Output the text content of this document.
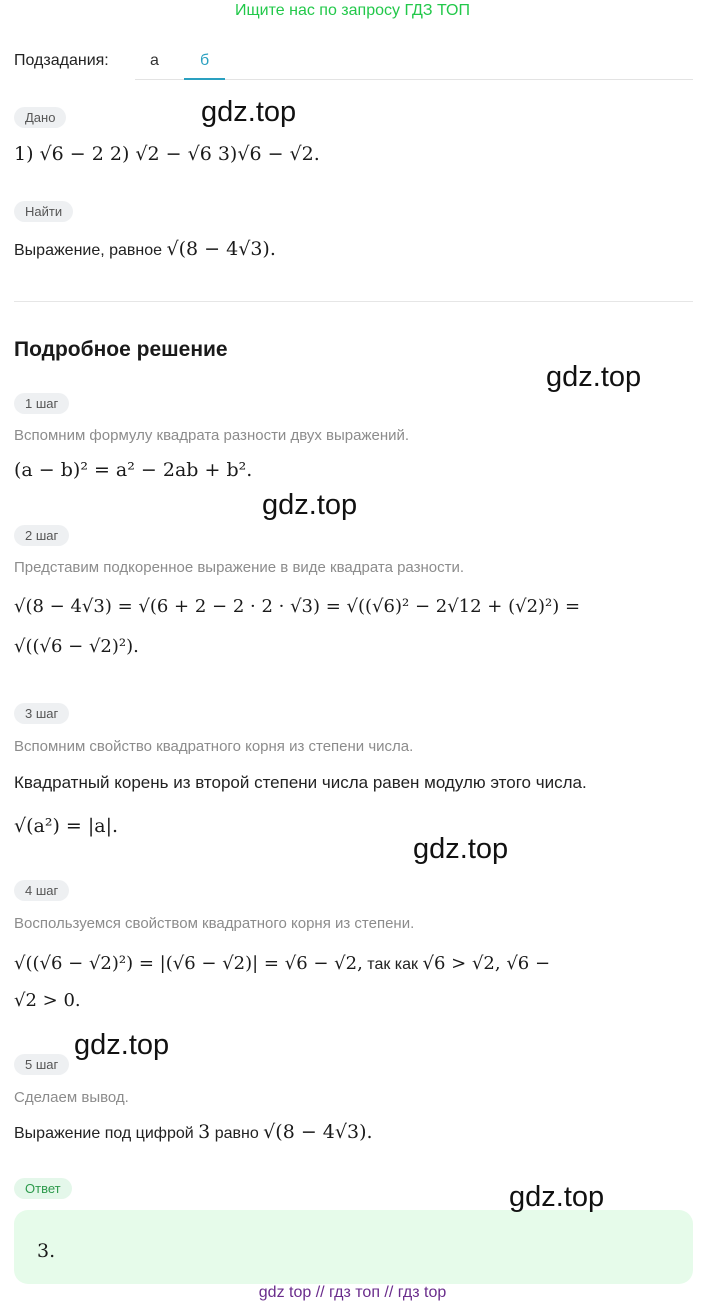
Ищите нас по запросу ГДЗ ТОП
Подзадания:	а	б
Дано
1) √6 − 2 2) √2 − √6 3)√6 − √2.
Найти
Выражение, равное √(8 − 4√3).
Подробное решение
1 шаг
Вспомним формулу квадрата разности двух выражений.
(a − b)² = a² − 2ab + b².
2 шаг
Представим подкоренное выражение в виде квадрата разности.
√(8 − 4√3) = √(6 + 2 − 2 · 2 · √3) = √((√6)² − 2√12 + (√2)²) =
√((√6 − √2)²).
3 шаг
Вспомним свойство квадратного корня из степени числа.
Квадратный корень из второй степени числа равен модулю этого числа.
√(a²) = |a|.
4 шаг
Воспользуемся свойством квадратного корня из степени.
√((√6 − √2)²) = |(√6 − √2)| = √6 − √2, так как √6 > √2, √6 −
√2 > 0.
5 шаг
Сделаем вывод.
Выражение под цифрой 3 равно √(8 − 4√3).
Ответ
3.
gdz.top
gdz.top
gdz.top
gdz.top
gdz.top
gdz.top
gdz top // гдз топ // гдз top
